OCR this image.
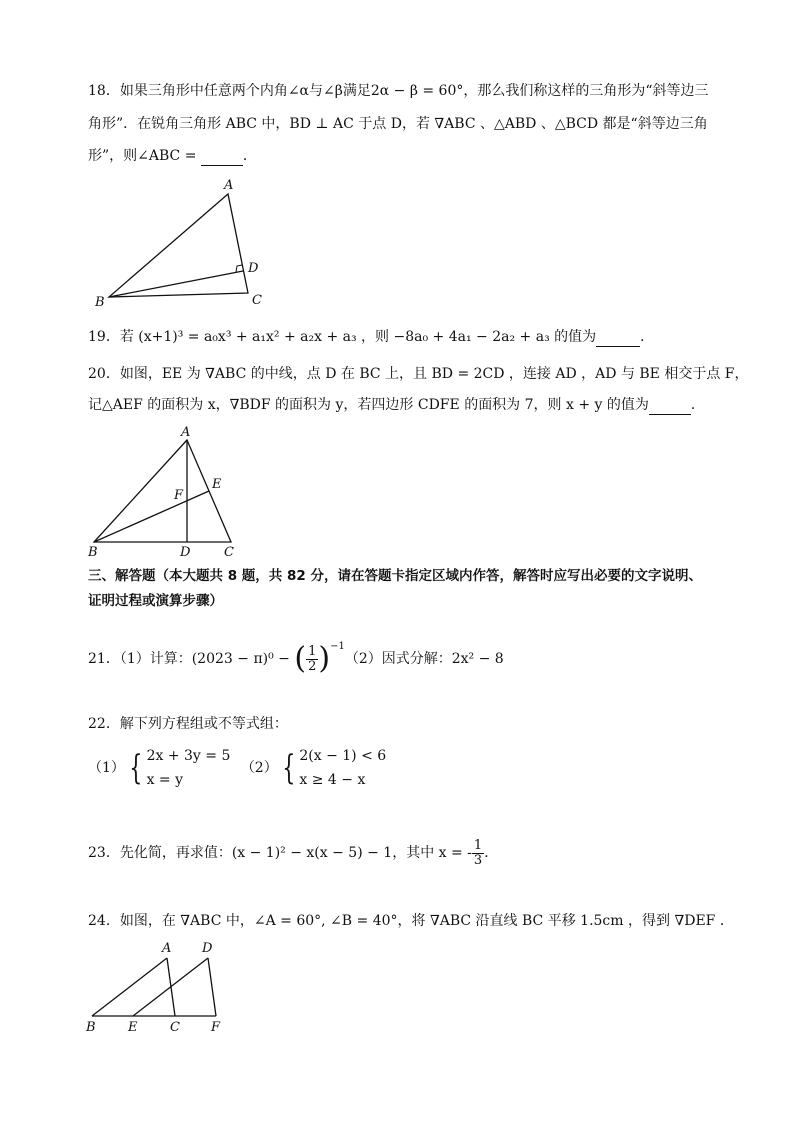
18．如果三角形中任意两个内角∠α与∠β满足2α − β = 60°，那么我们称这样的三角形为“斜等边三
角形”．在锐角三角形 ABC 中，BD ⊥ AC 于点 D，若 ∇ABC 、△ABD 、△BCD 都是“斜等边三角
形”，则∠ABC =	．
A
B	C
D
19．若 (x+1)³ = a₀x³ + a₁x² + a₂x + a₃ ，则 −8a₀ + 4a₁ − 2a₂ + a₃ 的值为	．
20．如图，EE 为 ∇ABC 的中线，点 D 在 BC 上，且 BD = 2CD ，连接 AD ，AD 与 BE 相交于点 F，
记△AEF 的面积为 x，∇BDF 的面积为 y，若四边形 CDFE 的面积为 7，则 x + y 的值为	．
A
B	C
D
E
F
三、解答题（本大题共 8 题，共 82 分，请在答题卡指定区域内作答，解答时应写出必要的文字说明、
证明过程或演算步骤）
21．（1）计算：(2023 − π)⁰ − ( $\frac{1}{2} )^{-1}(2)$因式分解：2x² − 8
22．解下列方程组或不等式组：
（1） { 2x + 3y = 5
x = y
（2） { 2(x − 1) < 6
x ≥ 4 − x
23．先化简，再求值：(x − 1)² − x(x − 5) − 1，其中 x = - $\frac{1}{3}$ ．
24．如图，在 ∇ABC 中，∠A = 60°, ∠B = 40°，将 ∇ABC 沿直线 BC 平移 1.5cm ，得到 ∇DEF ．
A D
B E	C F
